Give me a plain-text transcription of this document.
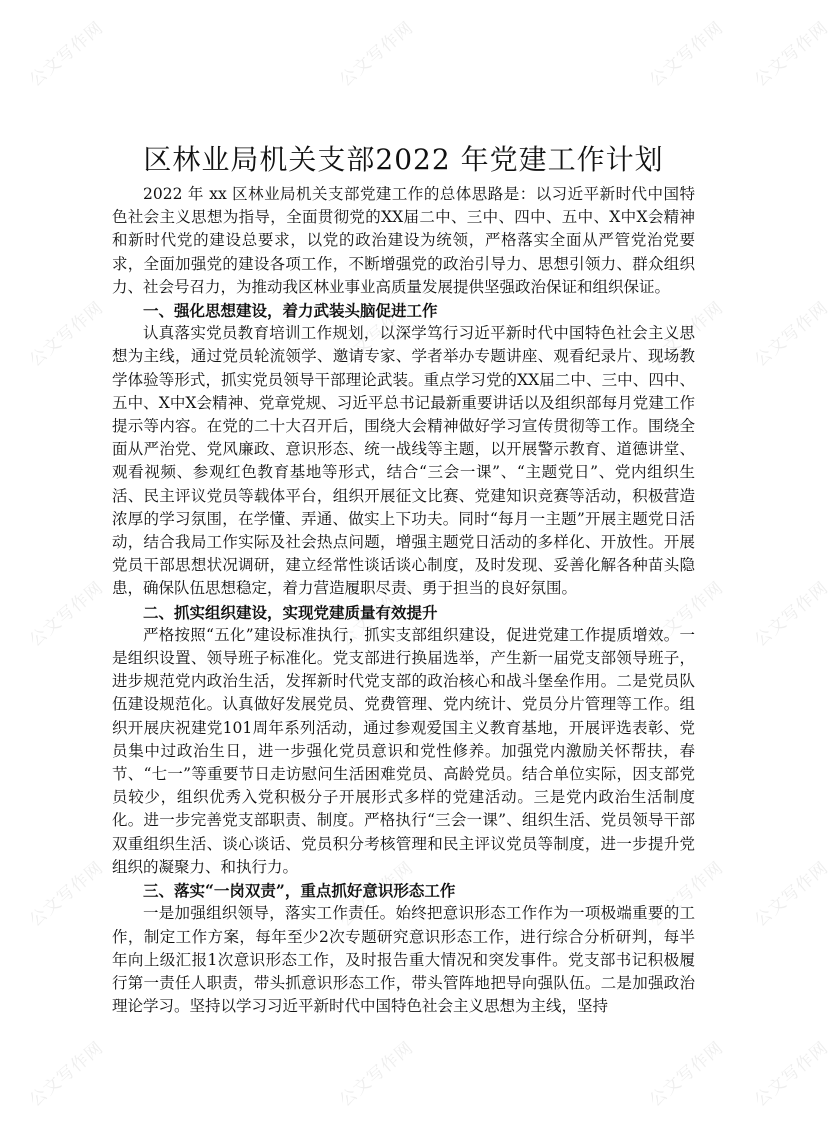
公文写作网	公文写作网	公文写作网 公文写作网
公文写作网	公文写作网	公文写作网 公文写作网
公文写作网	公文写作网	公文写作网 公文写作网
公文写作网	公文写作网	公文写作网 公文写作网
公文写作网	公文写作网	公文写作网 公文写作网
区林业局机关支部2022 年党建工作计划

2022 年 xx 区林业局机关支部党建工作的总体思路是：以习近平新时代中国特色社会主义思想为指导，全面贯彻党的XX届二中、三中、四中、五中、X中X会精神和新时代党的建设总要求，以党的政治建设为统领，严格落实全面从严管党治党要求，全面加强党的建设各项工作，不断增强党的政治引导力、思想引领力、群众组织力、社会号召力，为推动我区林业事业高质量发展提供坚强政治保证和组织保证。

一、强化思想建设，着力武装头脑促进工作

认真落实党员教育培训工作规划，以深学笃行习近平新时代中国特色社会主义思想为主线，通过党员轮流领学、邀请专家、学者举办专题讲座、观看纪录片、现场教学体验等形式，抓实党员领导干部理论武装。重点学习党的XX届二中、三中、四中、五中、X中X会精神、党章党规、习近平总书记最新重要讲话以及组织部每月党建工作提示等内容。在党的二十大召开后，围绕大会精神做好学习宣传贯彻等工作。围绕全面从严治党、党风廉政、意识形态、统一战线等主题，以开展警示教育、道德讲堂、观看视频、参观红色教育基地等形式，结合“三会一课”、“主题党日”、党内组织生活、民主评议党员等载体平台，组织开展征文比赛、党建知识竞赛等活动，积极营造浓厚的学习氛围，在学懂、弄通、做实上下功夫。同时“每月一主题”开展主题党日活动，结合我局工作实际及社会热点问题，增强主题党日活动的多样化、开放性。开展党员干部思想状况调研，建立经常性谈话谈心制度，及时发现、妥善化解各种苗头隐患，确保队伍思想稳定，着力营造履职尽责、勇于担当的良好氛围。

二、抓实组织建设，实现党建质量有效提升

严格按照“五化”建设标准执行，抓实支部组织建设，促进党建工作提质增效。一是组织设置、领导班子标准化。党支部进行换届选举，产生新一届党支部领导班子，进步规范党内政治生活，发挥新时代党支部的政治核心和战斗堡垒作用。二是党员队伍建设规范化。认真做好发展党员、党费管理、党内统计、党员分片管理等工作。组织开展庆祝建党101周年系列活动，通过参观爱国主义教育基地，开展评选表彰、党员集中过政治生日，进一步强化党员意识和党性修养。加强党内激励关怀帮扶，春节、“七一”等重要节日走访慰问生活困难党员、高龄党员。结合单位实际，因支部党员较少，组织优秀入党积极分子开展形式多样的党建活动。三是党内政治生活制度化。进一步完善党支部职责、制度。严格执行“三会一课”、组织生活、党员领导干部双重组织生活、谈心谈话、党员积分考核管理和民主评议党员等制度，进一步提升党组织的凝聚力、和执行力。

三、落实“一岗双责”，重点抓好意识形态工作

一是加强组织领导，落实工作责任。始终把意识形态工作作为一项极端重要的工作，制定工作方案，每年至少2次专题研究意识形态工作，进行综合分析研判，每半年向上级汇报1次意识形态工作，及时报告重大情况和突发事件。党支部书记积极履行第一责任人职责，带头抓意识形态工作，带头管阵地把导向强队伍。二是加强政治理论学习。坚持以学习习近平新时代中国特色社会主义思想为主线，坚持
